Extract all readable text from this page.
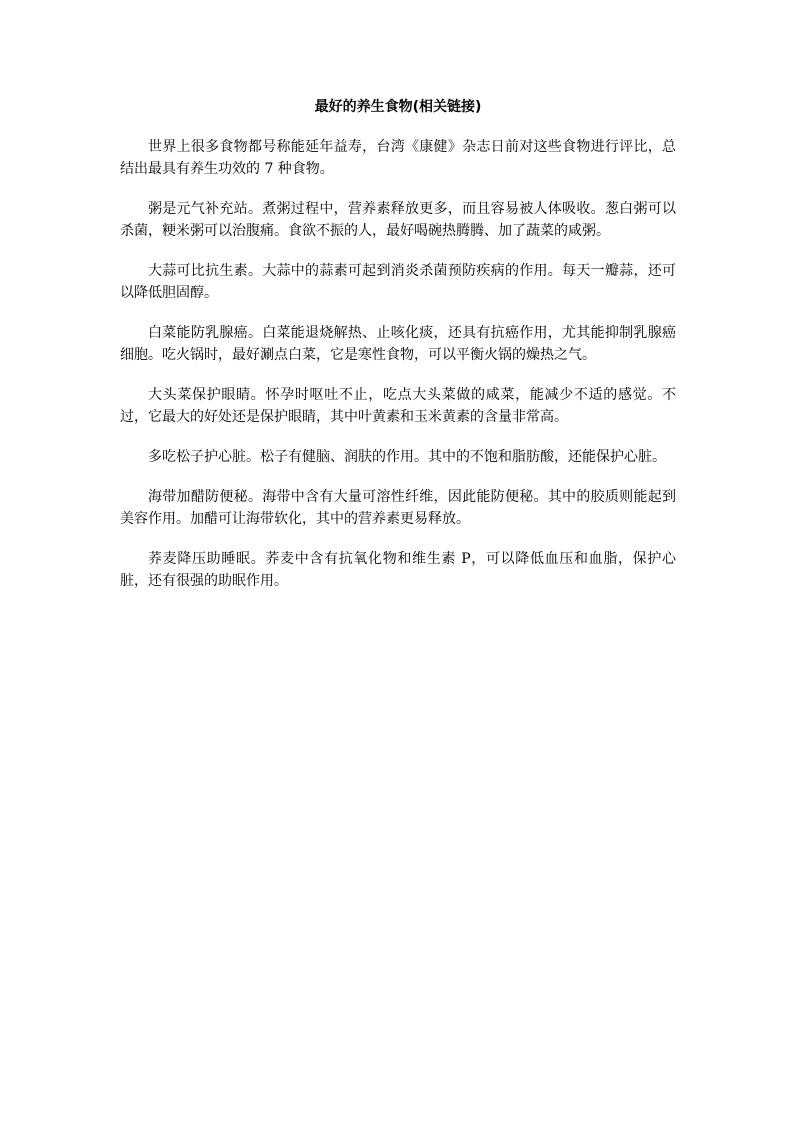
最好的养生食物(相关链接)

世界上很多食物都号称能延年益寿，台湾《康健》杂志日前对这些食物进行评比，总结出最具有养生功效的 7 种食物。

粥是元气补充站。煮粥过程中，营养素释放更多，而且容易被人体吸收。葱白粥可以杀菌，粳米粥可以治腹痛。食欲不振的人，最好喝碗热腾腾、加了蔬菜的咸粥。

大蒜可比抗生素。大蒜中的蒜素可起到消炎杀菌预防疾病的作用。每天一瓣蒜，还可以降低胆固醇。

白菜能防乳腺癌。白菜能退烧解热、止咳化痰，还具有抗癌作用，尤其能抑制乳腺癌细胞。吃火锅时，最好涮点白菜，它是寒性食物，可以平衡火锅的燥热之气。

大头菜保护眼睛。怀孕时呕吐不止，吃点大头菜做的咸菜，能减少不适的感觉。不过，它最大的好处还是保护眼睛，其中叶黄素和玉米黄素的含量非常高。

多吃松子护心脏。松子有健脑、润肤的作用。其中的不饱和脂肪酸，还能保护心脏。

海带加醋防便秘。海带中含有大量可溶性纤维，因此能防便秘。其中的胶质则能起到美容作用。加醋可让海带软化，其中的营养素更易释放。

荞麦降压助睡眠。荞麦中含有抗氧化物和维生素 P，可以降低血压和血脂，保护心脏，还有很强的助眠作用。
